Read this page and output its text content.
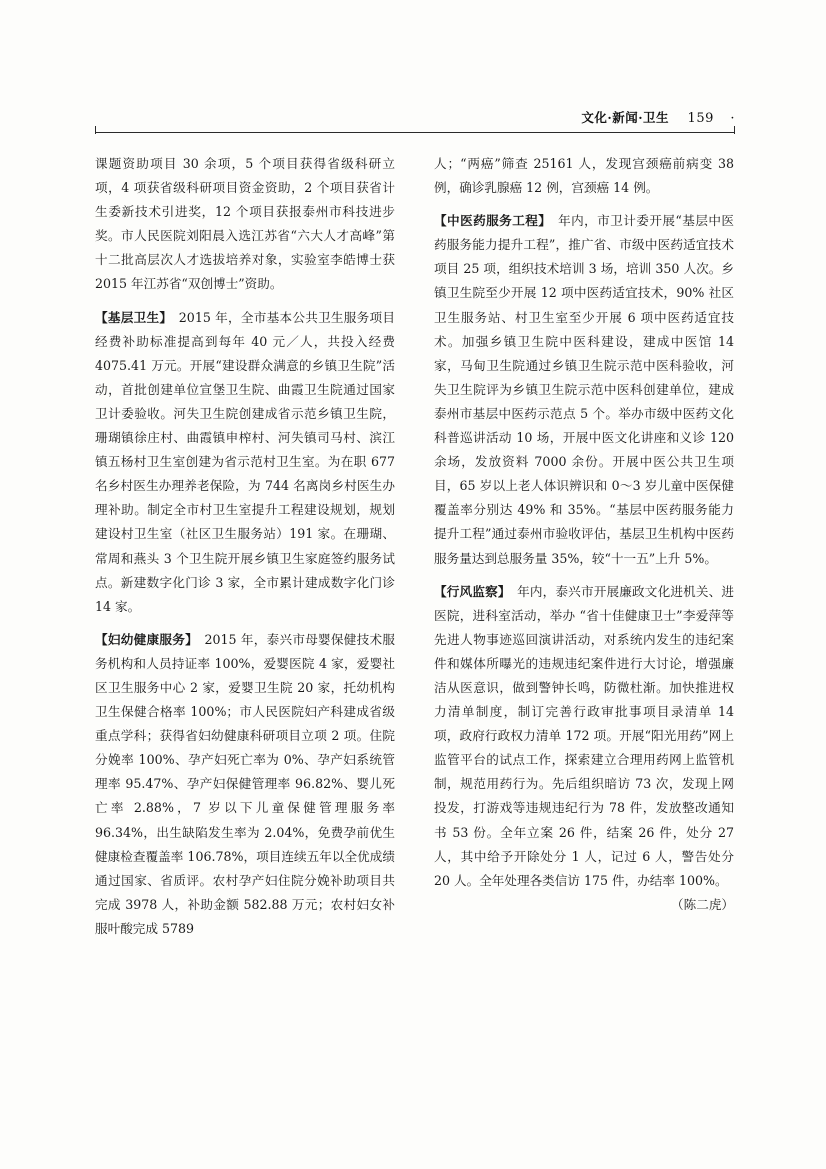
文化·新闻·卫生 159 ·

课题资助项目 30 余项，5 个项目获得省级科研立项，4 项获省级科研项目资金资助，2 个项目获省计生委新技术引进奖，12 个项目获报泰州市科技进步奖。市人民医院刘阳晨入选江苏省“六大人才高峰”第十二批高层次人才选拔培养对象，实验室李皓博士获 2015 年江苏省“双创博士”资助。

【基层卫生】　2015 年，全市基本公共卫生服务项目经费补助标准提高到每年 40 元／人，共投入经费 4075.41 万元。开展“建设群众满意的乡镇卫生院”活动，首批创建单位宣堡卫生院、曲霞卫生院通过国家卫计委验收。河失卫生院创建成省示范乡镇卫生院，珊瑚镇徐庄村、曲霞镇申榨村、河失镇司马村、滨江镇五杨村卫生室创建为省示范村卫生室。为在职 677 名乡村医生办理养老保险，为 744 名离岗乡村医生办理补助。制定全市村卫生室提升工程建设规划，规划建设村卫生室（社区卫生服务站）191 家。在珊瑚、常周和燕头 3 个卫生院开展乡镇卫生家庭签约服务试点。新建数字化门诊 3 家，全市累计建成数字化门诊 14 家。

【妇幼健康服务】　2015 年，泰兴市母婴保健技术服务机构和人员持证率 100%，爱婴医院 4 家，爱婴社区卫生服务中心 2 家，爱婴卫生院 20 家，托幼机构卫生保健合格率 100%；市人民医院妇产科建成省级重点学科；获得省妇幼健康科研项目立项 2 项。住院分娩率 100%、孕产妇死亡率为 0%、孕产妇系统管理率 95.47%、孕产妇保健管理率 96.82%、婴儿死亡率 2.88%，7 岁以下儿童保健管理服务率 96.34%，出生缺陷发生率为 2.04%，免费孕前优生健康检查覆盖率 106.78%，项目连续五年以全优成绩通过国家、省质评。农村孕产妇住院分娩补助项目共完成 3978 人，补助金额 582.88 万元；农村妇女补服叶酸完成 5789

人；“两癌”筛查 25161 人，发现宫颈癌前病变 38 例，确诊乳腺癌 12 例，宫颈癌 14 例。

【中医药服务工程】　年内，市卫计委开展“基层中医药服务能力提升工程”，推广省、市级中医药适宜技术项目 25 项，组织技术培训 3 场，培训 350 人次。乡镇卫生院至少开展 12 项中医药适宜技术，90% 社区卫生服务站、村卫生室至少开展 6 项中医药适宜技术。加强乡镇卫生院中医科建设，建成中医馆 14 家，马甸卫生院通过乡镇卫生院示范中医科验收，河失卫生院评为乡镇卫生院示范中医科创建单位，建成泰州市基层中医药示范点 5 个。举办市级中医药文化科普巡讲活动 10 场，开展中医文化讲座和义诊 120 余场，发放资料 7000 余份。开展中医公共卫生项目，65 岁以上老人体识辨识和 0～3 岁儿童中医保健覆盖率分别达 49% 和 35%。“基层中医药服务能力提升工程”通过泰州市验收评估，基层卫生机构中医药服务量达到总服务量 35%，较“十一五”上升 5%。

【行风监察】　年内，泰兴市开展廉政文化进机关、进医院，进科室活动，举办 “省十佳健康卫士”李爱萍等先进人物事迹巡回演讲活动，对系统内发生的违纪案件和媒体所曝光的违规违纪案件进行大讨论，增强廉洁从医意识，做到警钟长鸣，防微杜渐。加快推进权力清单制度，制订完善行政审批事项目录清单 14 项，政府行政权力清单 172 项。开展“阳光用药”网上监管平台的试点工作，探索建立合理用药网上监管机制，规范用药行为。先后组织暗访 73 次，发现上网投发，打游戏等违规违纪行为 78 件，发放整改通知书 53 份。全年立案 26 件，结案 26 件，处分 27 人，其中给予开除处分 1 人，记过 6 人，警告处分 20 人。全年处理各类信访 175 件，办结率 100%。

（陈二虎）
